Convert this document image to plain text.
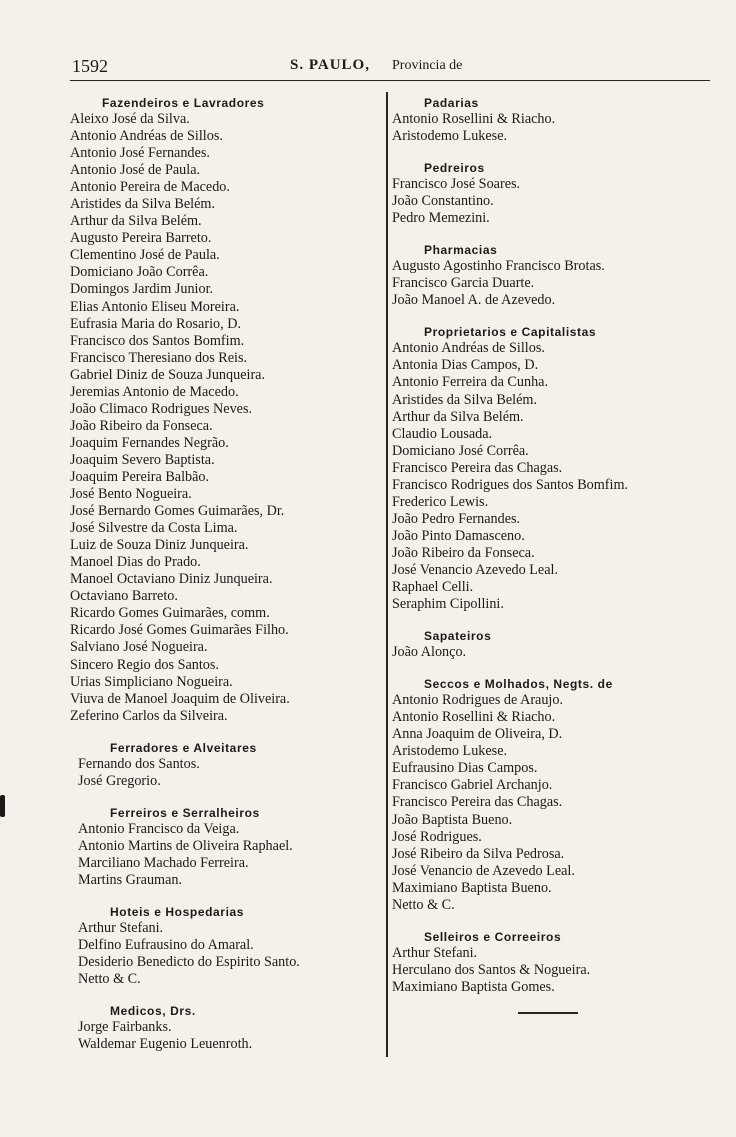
1592	S. PAULO, Provincia de
Fazendeiros e Lavradores
Aleixo José da Silva.
Antonio Andréas de Sillos.
Antonio José Fernandes.
Antonio José de Paula.
Antonio Pereira de Macedo.
Aristides da Silva Belém.
Arthur da Silva Belém.
Augusto Pereira Barreto.
Clementino José de Paula.
Domiciano João Corrêa.
Domingos Jardim Junior.
Elias Antonio Eliseu Moreira.
Eufrasia Maria do Rosario, D.
Francisco dos Santos Bomfim.
Francisco Theresiano dos Reis.
Gabriel Diniz de Souza Junqueira.
Jeremias Antonio de Macedo.
João Climaco Rodrigues Neves.
João Ribeiro da Fonseca.
Joaquim Fernandes Negrão.
Joaquim Severo Baptista.
Joaquim Pereira Balbão.
José Bento Nogueira.
José Bernardo Gomes Guimarães, Dr.
José Silvestre da Costa Lima.
Luiz de Souza Diniz Junqueira.
Manoel Dias do Prado.
Manoel Octaviano Diniz Junqueira.
Octaviano Barreto.
Ricardo Gomes Guimarães, comm.
Ricardo José Gomes Guimarães Filho.
Salviano José Nogueira.
Sincero Regio dos Santos.
Urias Simpliciano Nogueira.
Viuva de Manoel Joaquim de Oliveira.
Zeferino Carlos da Silveira.
Ferradores e Alveitares
Fernando dos Santos.
José Gregorio.
Ferreiros e Serralheiros
Antonio Francisco da Veiga.
Antonio Martins de Oliveira Raphael.
Marciliano Machado Ferreira.
Martins Grauman.
Hoteis e Hospedarias
Arthur Stefani.
Delfino Eufrausino do Amaral.
Desiderio Benedicto do Espirito Santo.
Netto & C.
Medicos, Drs.
Jorge Fairbanks.
Waldemar Eugenio Leuenroth.
Padarias
Antonio Rosellini & Riacho.
Aristodemo Lukese.
Pedreiros
Francisco José Soares.
João Constantino.
Pedro Memezini.
Pharmacias
Augusto Agostinho Francisco Brotas.
Francisco Garcia Duarte.
João Manoel A. de Azevedo.
Proprietarios e Capitalistas
Antonio Andréas de Sillos.
Antonia Dias Campos, D.
Antonio Ferreira da Cunha.
Aristides da Silva Belém.
Arthur da Silva Belém.
Claudio Lousada.
Domiciano José Corrêa.
Francisco Pereira das Chagas.
Francisco Rodrigues dos Santos Bomfim.
Frederico Lewis.
João Pedro Fernandes.
João Pinto Damasceno.
João Ribeiro da Fonseca.
José Venancio Azevedo Leal.
Raphael Celli.
Seraphim Cipollini.
Sapateiros
João Alonço.
Seccos e Molhados, Negts. de
Antonio Rodrigues de Araujo.
Antonio Rosellini & Riacho.
Anna Joaquim de Oliveira, D.
Aristodemo Lukese.
Eufrausino Dias Campos.
Francisco Gabriel Archanjo.
Francisco Pereira das Chagas.
João Baptista Bueno.
José Rodrigues.
José Ribeiro da Silva Pedrosa.
José Venancio de Azevedo Leal.
Maximiano Baptista Bueno.
Netto & C.
Selleiros e Correeiros
Arthur Stefani.
Herculano dos Santos & Nogueira.
Maximiano Baptista Gomes.
